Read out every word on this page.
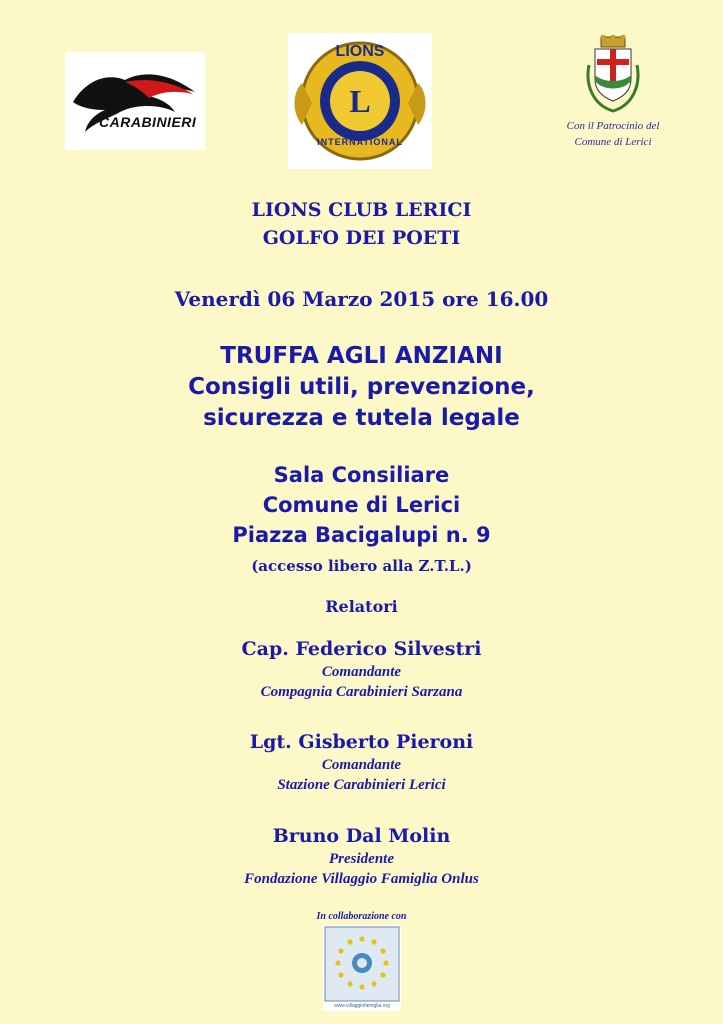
CARABINIERI
LIONS
L
INTERNATIONAL
Con il Patrocinio del
Comune di Lerici
LIONS CLUB LERICI
GOLFO DEI POETI
Venerdì 06 Marzo 2015 ore 16.00
TRUFFA AGLI ANZIANI
Consigli utili, prevenzione,
sicurezza e tutela legale
Sala Consiliare
Comune di Lerici
Piazza Bacigalupi n. 9
(accesso libero alla Z.T.L.)
Relatori
Cap. Federico Silvestri
Comandante
Compagnia Carabinieri Sarzana
Lgt. Gisberto Pieroni
Comandante
Stazione Carabinieri Lerici
Bruno Dal Molin
Presidente
Fondazione Villaggio Famiglia Onlus
In collaborazione con
www.villaggiofamiglia.org
